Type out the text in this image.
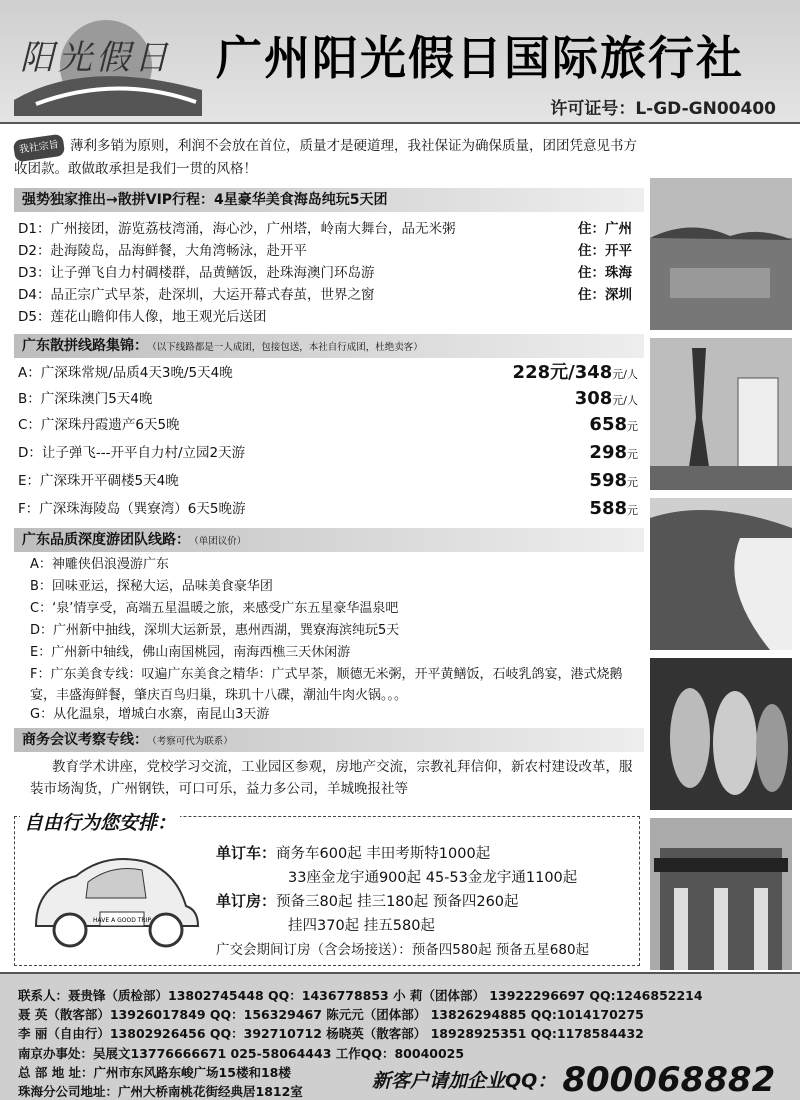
阳光假日 广州阳光假日国际旅行社
许可证号：L-GD-GN00400
我社宗旨 薄利多销为原则，利润不会放在首位，质量才是硬道理，我社保证为确保质量，团团凭意见书方收团款。敢做敢承担是我们一贯的风格！
强势独家推出→散拼VIP行程：4星豪华美食海岛纯玩5天团
D1：广州接团，游览荔枝湾涌，海心沙，广州塔，岭南大舞台，品无米粥	住：广州
D2：赴海陵岛，品海鲜餐，大角湾畅泳，赴开平	住：开平
D3：让子弹飞自力村碉楼群，品黄鳝饭，赴珠海澳门环岛游	住：珠海
D4：品正宗广式早茶，赴深圳，大运开幕式春茧，世界之窗	住：深圳
D5：莲花山瞻仰伟人像，地王观光后送团
广东散拼线路集锦： （以下线路都是一人成团，包接包送，本社自行成团，杜绝卖客）
A：广深珠常规/品质4天3晚/5天4晚	228元/348元/人
B：广深珠澳门5天4晚	308元/人
C：广深珠丹霞遗产6天5晚	658元
D：让子弹飞---开平自力村/立园2天游	298元
E：广深珠开平碉楼5天4晚	598元
F：广深珠海陵岛（巽寮湾）6天5晚游	588元
广东品质深度游团队线路： （单团议价）
A：神雕侠侣浪漫游广东
B：回味亚运，探秘大运，品味美食豪华团
C：‘泉’情享受，高端五星温暖之旅，来感受广东五星豪华温泉吧
D：广州新中抽线，深圳大运新景，惠州西湖，巽寮海滨纯玩5天
E：广州新中轴线，佛山南国桃园，南海西樵三天休闲游
F：广东美食专线：叹遍广东美食之精华：广式早茶，顺德无米粥，开平黄鳝饭，石岐乳鸽宴，港式烧鹅宴，丰盛海鲜餐，肇庆百鸟归巢，珠玑十八碟，潮汕牛肉火锅。。。
G：从化温泉，增城白水寨，南昆山3天游
商务会议考察专线： （考察可代为联系）
教育学术讲座，党校学习交流，工业园区参观，房地产交流，宗教礼拜信仰，新农村建设改革，服装市场淘货，广州钢铁，可口可乐，益力多公司，羊城晚报社等
自由行为您安排：
HAVE A GOOD TRIP
单订车：商务车600起 丰田考斯特1000起
33座金龙宇通900起 45-53金龙宇通1100起
单订房：预备三80起 挂三180起 预备四260起
挂四370起 挂五580起
广交会期间订房（含会场接送）：预备四580起 预备五星680起
联系人：聂贵锋（质检部）13802745448 QQ：1436778853 小 莉（团体部） 13922296697 QQ:1246852214
聂 英（散客部）13926017849 QQ：156329467 陈元元（团体部） 13826294885 QQ:1014170275
李 丽（自由行）13802926456 QQ：392710712 杨晓英（散客部） 18928925351 QQ:1178584432
南京办事处：吴展文13776666671 025-58064443 工作QQ：80040025
总 部 地 址：广州市东风路东峻广场15楼和18楼
珠海分公司地址：广州大桥南桃花街经典居1812室	新客户请加企业QQ： 800068882
